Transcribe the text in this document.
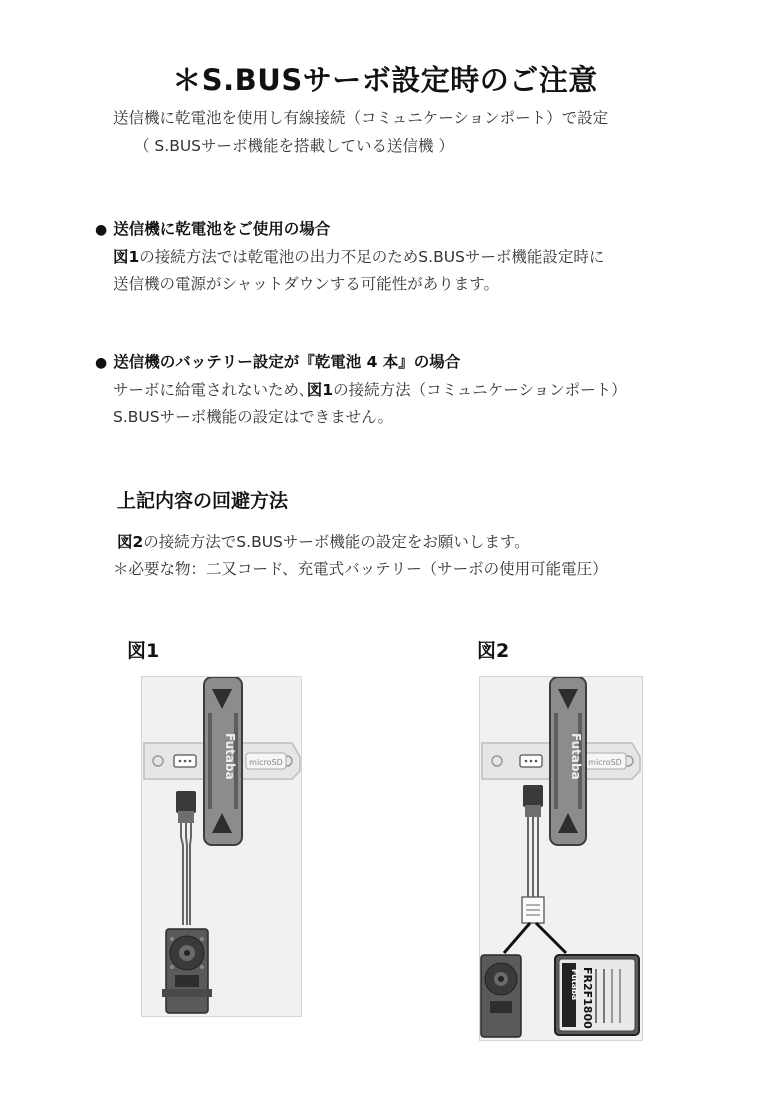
＊S.BUSサーボ設定時のご注意
送信機に乾電池を使用し有線接続（コミュニケーションポート）で設定
（ S.BUSサーボ機能を搭載している送信機 ）
● 送信機に乾電池をご使用の場合
図1の接続方法では乾電池の出力不足のためS.BUSサーボ機能設定時に
送信機の電源がシャットダウンする可能性があります。
● 送信機のバッテリー設定が『乾電池 4 本』の場合
サーボに給電されないため､図1の接続方法（コミュニケーションポート）
S.BUSサーボ機能の設定はできません。
上記内容の回避方法
図2の接続方法でS.BUSサーボ機能の設定をお願いします。
＊必要な物：二又コード、充電式バッテリー（サーボの使用可能電圧）
図1	図2
microSD
Futaba	microSD
Futaba
Futaba FR2F1800
